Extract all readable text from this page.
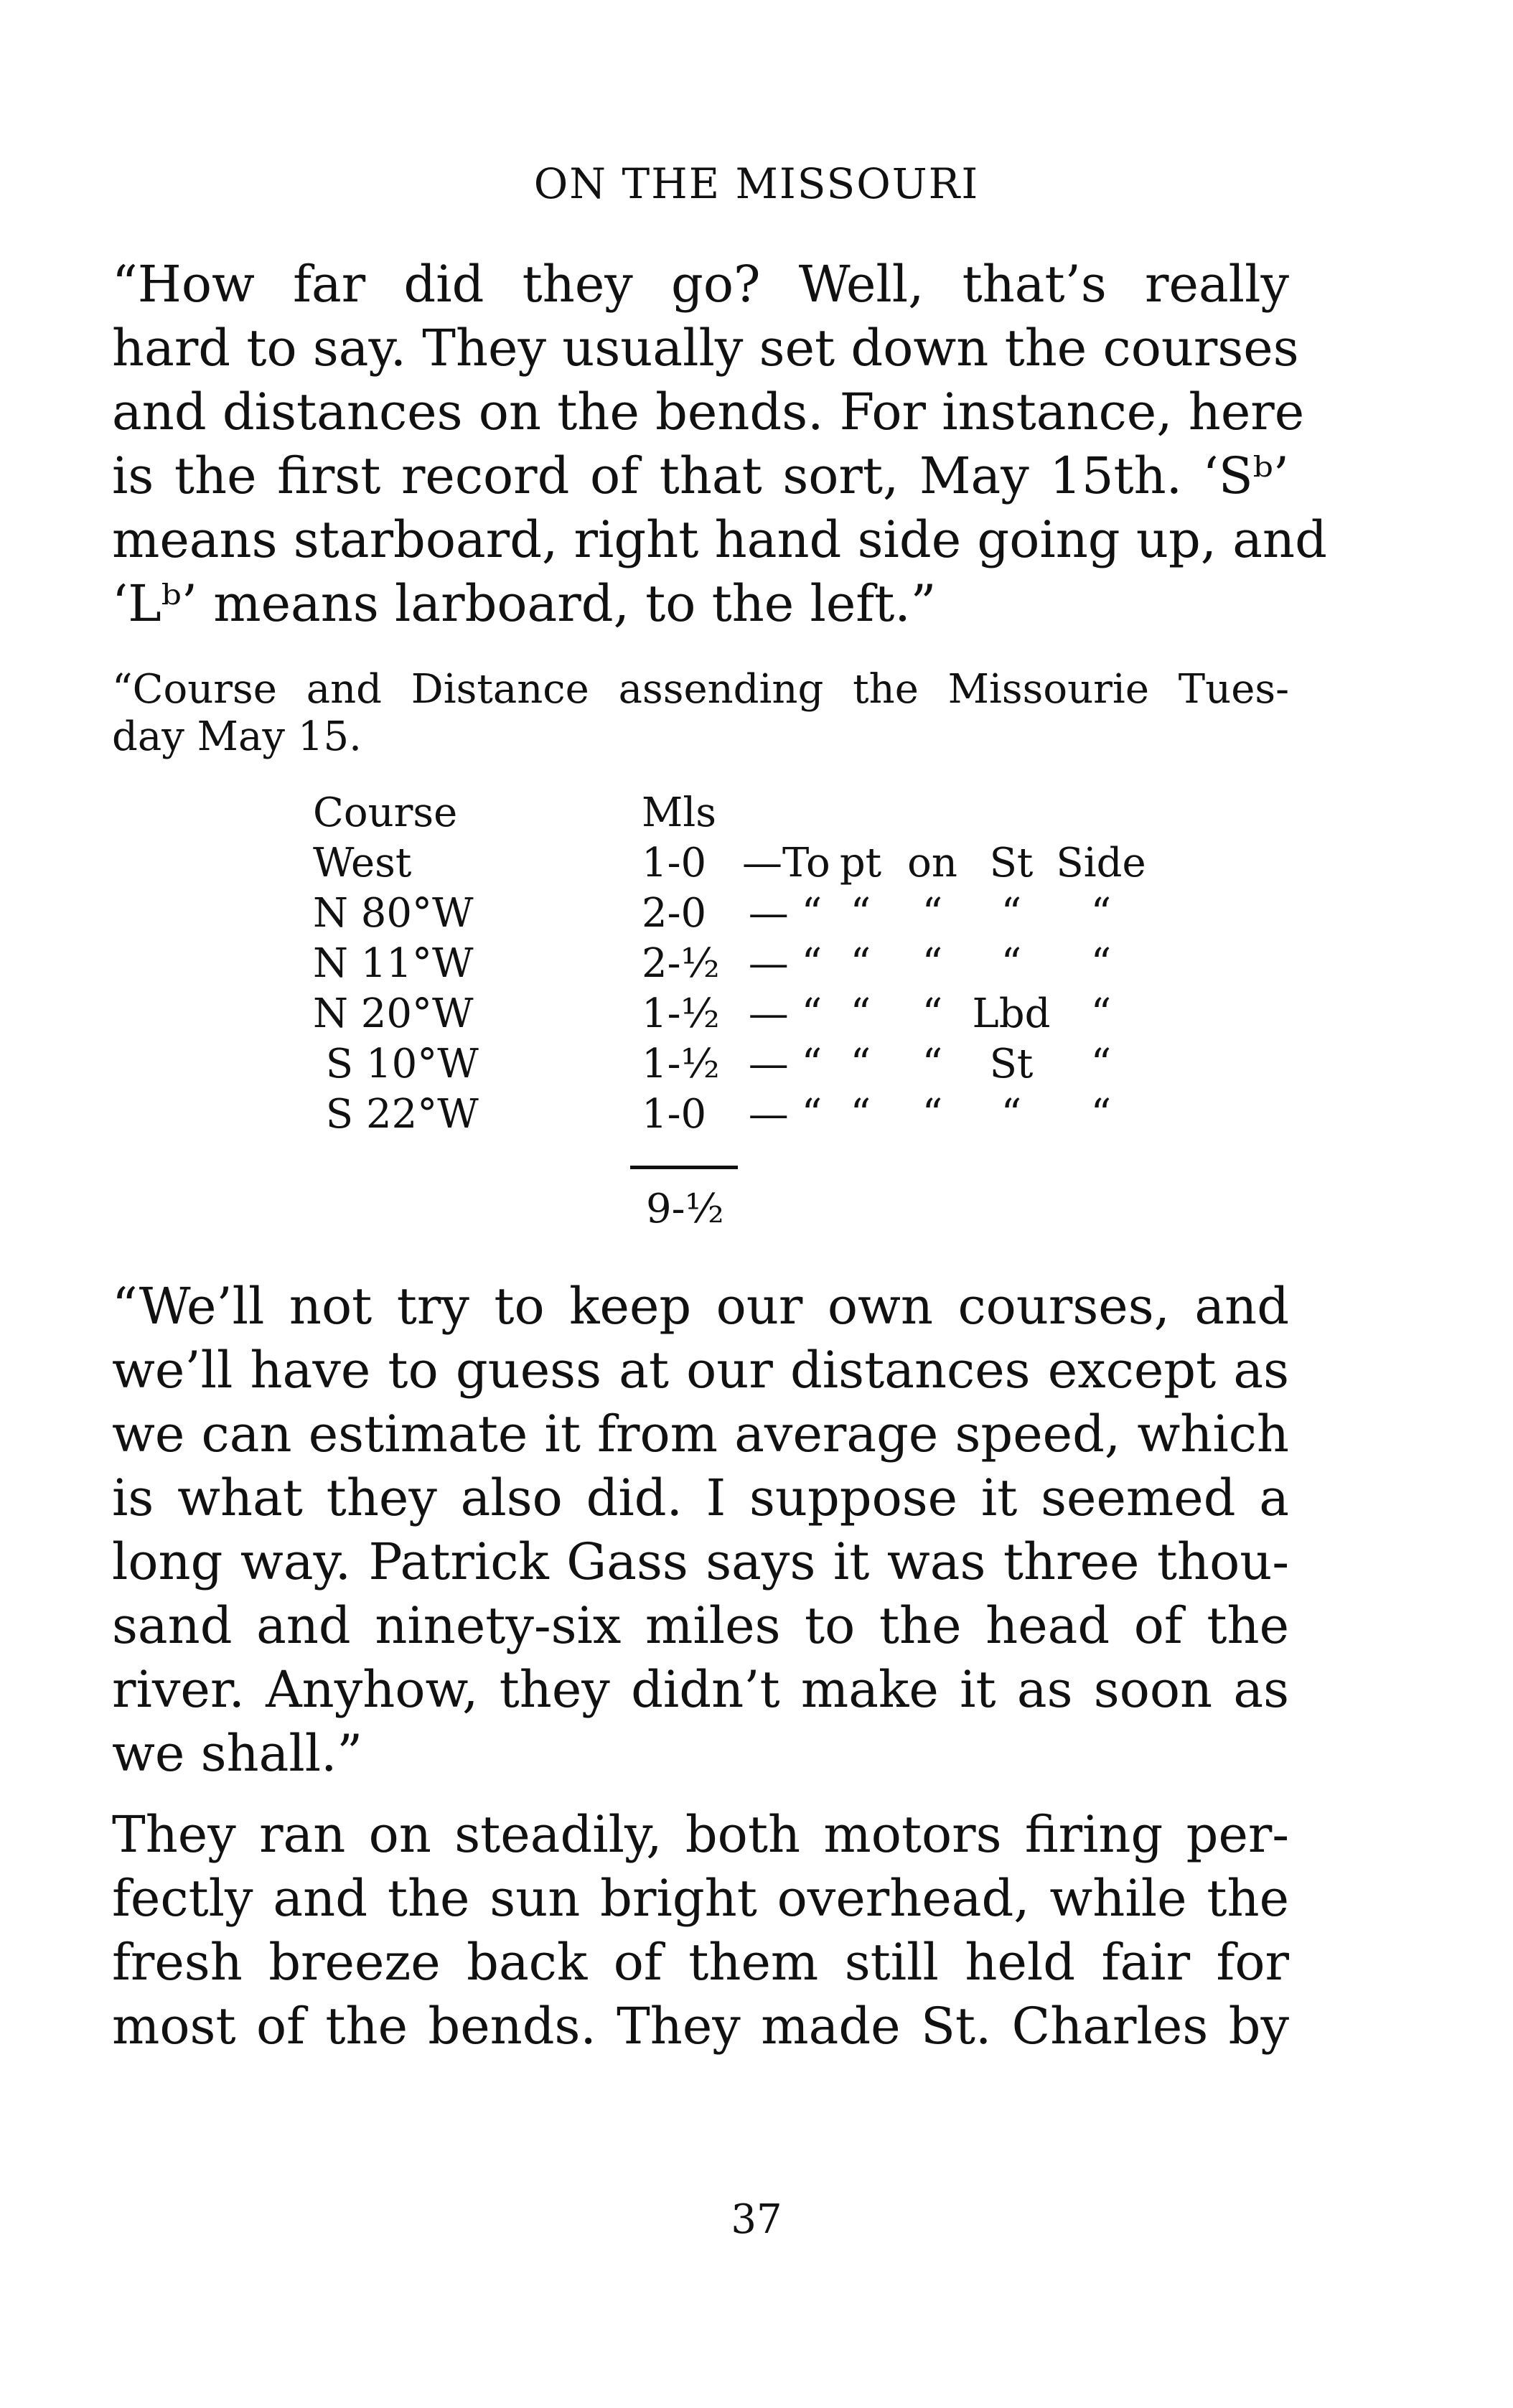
ON THE MISSOURI
“How far did they go? Well, that’s really
hard to say. They usually set down the courses
and distances on the bends. For instance, here
is the first record of that sort, May 15th. ‘Sᵇ’
means starboard, right hand side going up, and
‘Lᵇ’ means larboard, to the left.”
“Course and Distance assending the Missourie Tues-
day May 15.
Course	Mls
West	1-0 —To pt on St Side
N 80°W	2-0	— “ “	“	“	“
N 11°W	2-½ — “ “	“	“	“
N 20°W	1-½ — “ “	“ Lbd	“
S 10°W	1-½ — “ “	“	St	“
S 22°W	1-0	— “ “	“	“	“
9-½
“We’ll not try to keep our own courses, and
we’ll have to guess at our distances except as
we can estimate it from average speed, which
is what they also did. I suppose it seemed a
long way. Patrick Gass says it was three thou-
sand and ninety-six miles to the head of the
river. Anyhow, they didn’t make it as soon as
we shall.”
They ran on steadily, both motors firing per-
fectly and the sun bright overhead, while the
fresh breeze back of them still held fair for
most of the bends. They made St. Charles by
37
